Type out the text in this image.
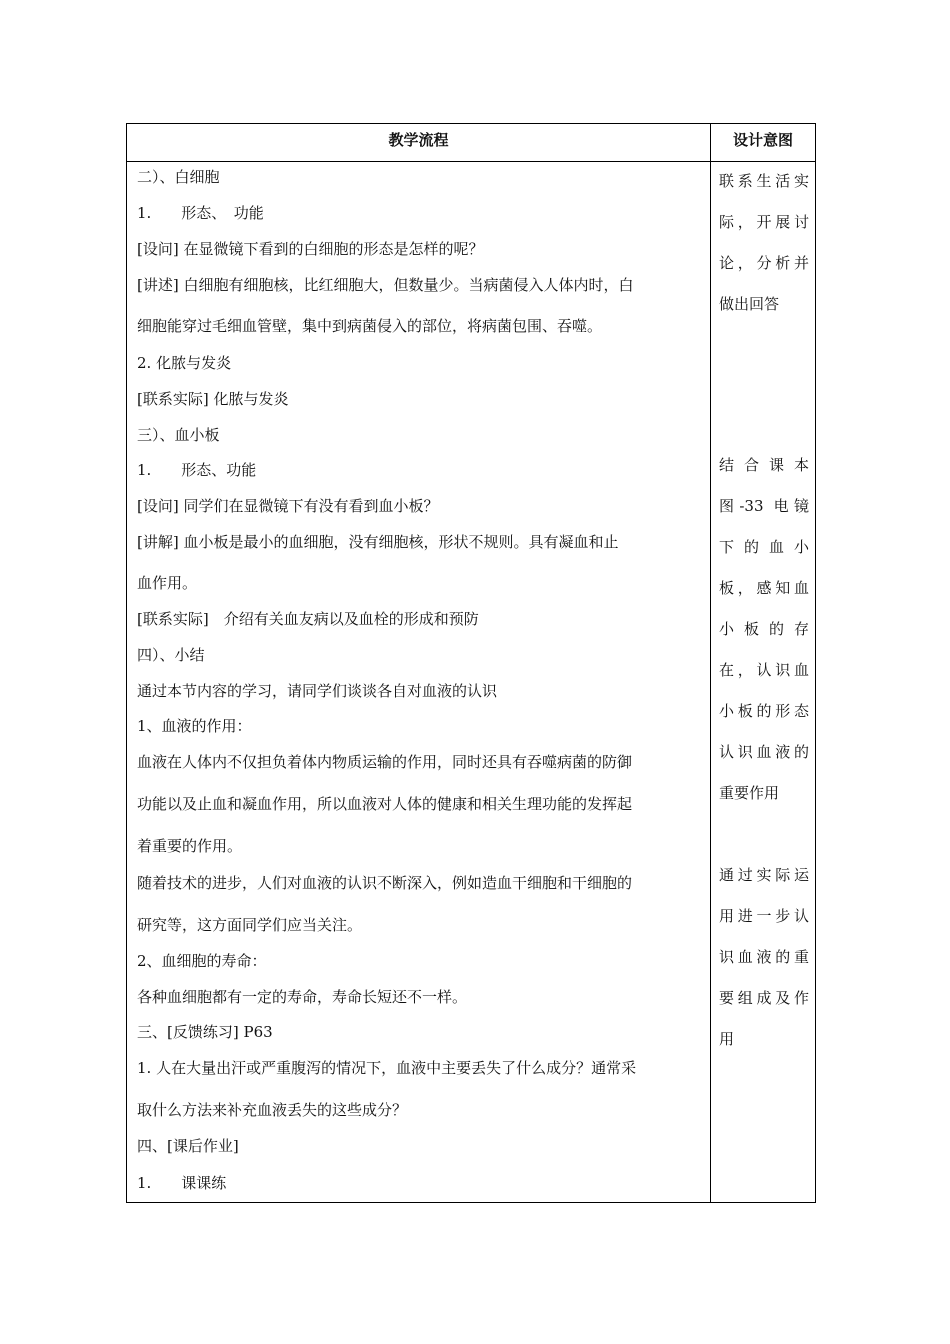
教学流程	设计意图
二）、白细胞
1.　　形态、　功能
[设问] 在显微镜下看到的白细胞的形态是怎样的呢？
[讲述] 白细胞有细胞核，比红细胞大，但数量少。当病菌侵入人体内时，白
细胞能穿过毛细血管壁，集中到病菌侵入的部位，将病菌包围、吞噬。
2. 化脓与发炎
[联系实际] 化脓与发炎
三）、血小板
1.　　形态、功能
[设问] 同学们在显微镜下有没有看到血小板？
[讲解] 血小板是最小的血细胞，没有细胞核，形状不规则。具有凝血和止
血作用。
[联系实际]　介绍有关血友病以及血栓的形成和预防
四）、小结
通过本节内容的学习，请同学们谈谈各自对血液的认识
1、血液的作用：
血液在人体内不仅担负着体内物质运输的作用，同时还具有吞噬病菌的防御
功能以及止血和凝血作用，所以血液对人体的健康和相关生理功能的发挥起
着重要的作用。
随着技术的进步，人们对血液的认识不断深入，例如造血干细胞和干细胞的
研究等，这方面同学们应当关注。
2、血细胞的寿命：
各种血细胞都有一定的寿命，寿命长短还不一样。
三、[反馈练习] P63
1. 人在大量出汗或严重腹泻的情况下，血液中主要丢失了什么成分？通常采
取什么方法来补充血液丢失的这些成分？
四、[课后作业]
1.　　课课练
联系生活实
际，开展讨
论，分析并
做出回答
结合课本
图-33 电镜
下的血小
板，感知血
小板的存
在，认识血
小板的形态
认识血液的
重要作用
通过实际运
用进一步认
识血液的重
要组成及作
用
